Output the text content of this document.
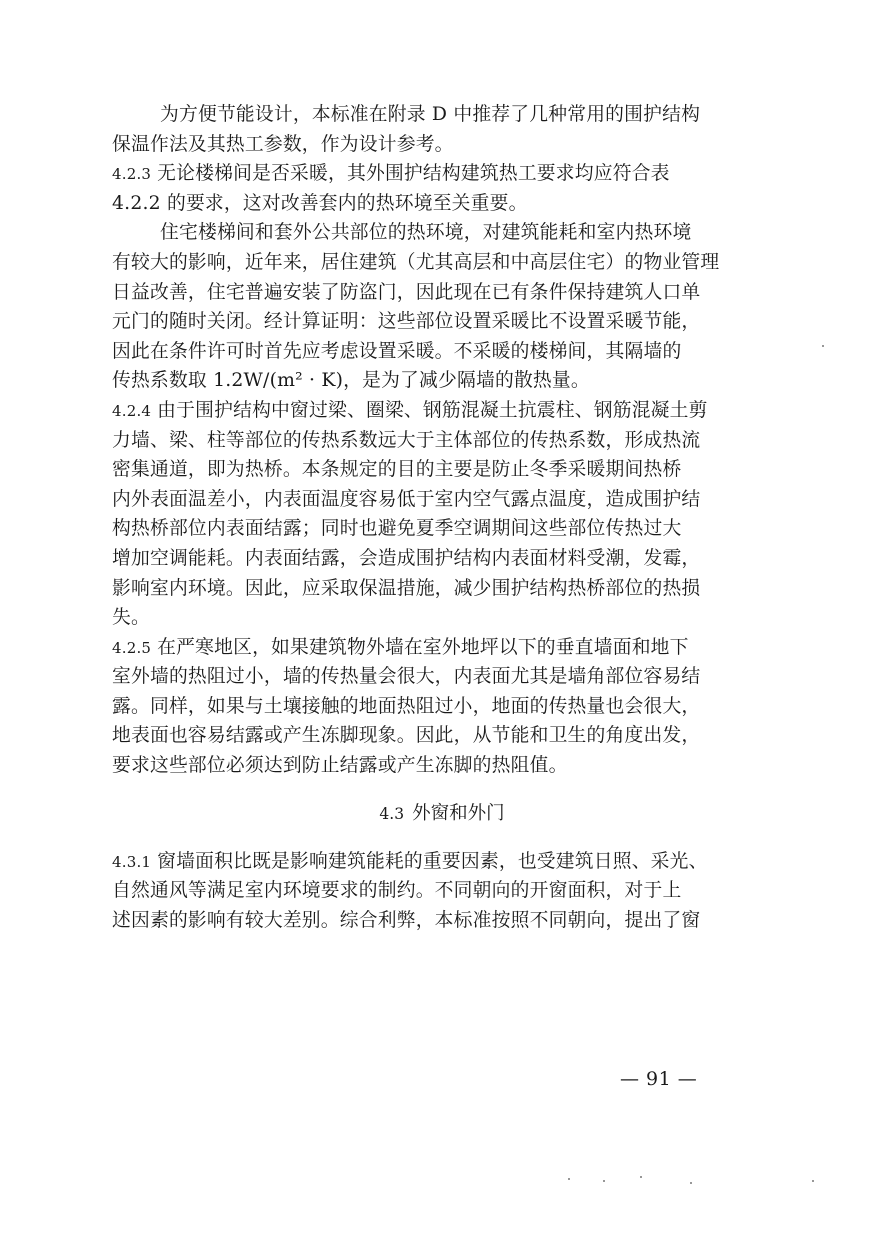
为方便节能设计，本标准在附录 D 中推荐了几种常用的围护结构
保温作法及其热工参数，作为设计参考。
4.2.3 无论楼梯间是否采暖，其外围护结构建筑热工要求均应符合表
4.2.2 的要求，这对改善套内的热环境至关重要。
住宅楼梯间和套外公共部位的热环境，对建筑能耗和室内热环境
有较大的影响，近年来，居住建筑（尤其高层和中高层住宅）的物业管理
日益改善，住宅普遍安装了防盗门，因此现在已有条件保持建筑人口单
元门的随时关闭。经计算证明：这些部位设置采暖比不设置采暖节能，
因此在条件许可时首先应考虑设置采暖。不采暖的楼梯间，其隔墙的
传热系数取 1.2W/(m² · K)，是为了减少隔墙的散热量。
4.2.4 由于围护结构中窗过梁、圈梁、钢筋混凝土抗震柱、钢筋混凝土剪
力墙、梁、柱等部位的传热系数远大于主体部位的传热系数，形成热流
密集通道，即为热桥。本条规定的目的主要是防止冬季采暖期间热桥
内外表面温差小，内表面温度容易低于室内空气露点温度，造成围护结
构热桥部位内表面结露；同时也避免夏季空调期间这些部位传热过大
增加空调能耗。内表面结露，会造成围护结构内表面材料受潮，发霉，
影响室内环境。因此，应采取保温措施，减少围护结构热桥部位的热损
失。
4.2.5 在严寒地区，如果建筑物外墙在室外地坪以下的垂直墙面和地下
室外墙的热阻过小，墙的传热量会很大，内表面尤其是墙角部位容易结
露。同样，如果与土壤接触的地面热阻过小，地面的传热量也会很大，
地表面也容易结露或产生冻脚现象。因此，从节能和卫生的角度出发，
要求这些部位必须达到防止结露或产生冻脚的热阻值。
4.3 外窗和外门
4.3.1 窗墙面积比既是影响建筑能耗的重要因素，也受建筑日照、采光、
自然通风等满足室内环境要求的制约。不同朝向的开窗面积，对于上
述因素的影响有较大差别。综合利弊，本标准按照不同朝向，提出了窗
— 91 —
